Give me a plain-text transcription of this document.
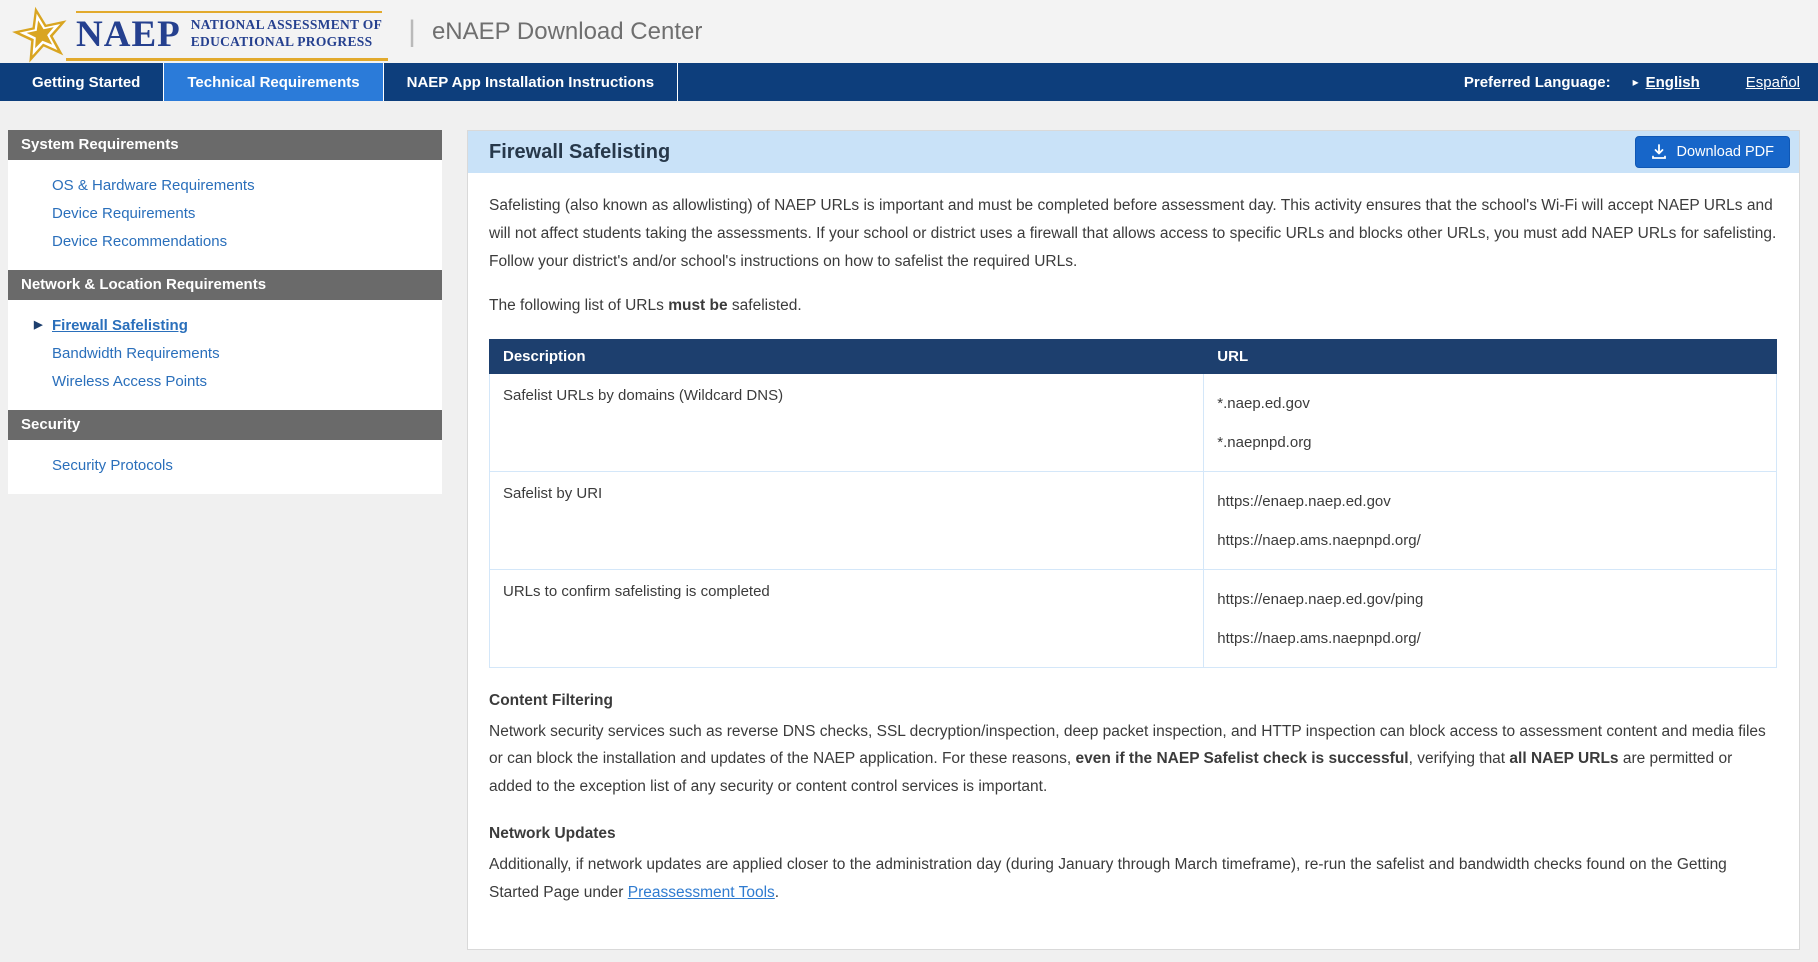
NAEP NATIONAL ASSESSMENT OF
EDUCATIONAL PROGRESS	| eNAEP Download Center
Getting Started	Technical Requirements	NAEP App Installation Instructions	Preferred Language: ▸ English	Español
System Requirements
OS & Hardware Requirements
Device Requirements
Device Recommendations
Network & Location Requirements
▶ Firewall Safelisting
Bandwidth Requirements
Wireless Access Points
Security
Security Protocols
Firewall Safelisting	Download PDF

Safelisting (also known as allowlisting) of NAEP URLs is important and must be completed before assessment day. This activity ensures that the school's Wi-Fi will accept NAEP URLs and will not affect students taking the assessments. If your school or district uses a firewall that allows access to specific URLs and blocks other URLs, you must add NAEP URLs for safelisting. Follow your district's and/or school's instructions on how to safelist the required URLs.

The following list of URLs must be safelisted.

Description	URL
Safelist URLs by domains (Wildcard DNS)	*.naep.ed.gov
*.naepnpd.org

Safelist by URI	https://enaep.naep.ed.gov
https://naep.ams.naepnpd.org/

URLs to confirm safelisting is completed	https://enaep.naep.ed.gov/ping
https://naep.ams.naepnpd.org/
Content Filtering

Network security services such as reverse DNS checks, SSL decryption/inspection, deep packet inspection, and HTTP inspection can block access to assessment content and media files or can block the installation and updates of the NAEP application. For these reasons, even if the NAEP Safelist check is successful, verifying that all NAEP URLs are permitted or added to the exception list of any security or content control services is important.

Network Updates

Additionally, if network updates are applied closer to the administration day (during January through March timeframe), re-run the safelist and bandwidth checks found on the Getting Started Page under Preassessment Tools.
